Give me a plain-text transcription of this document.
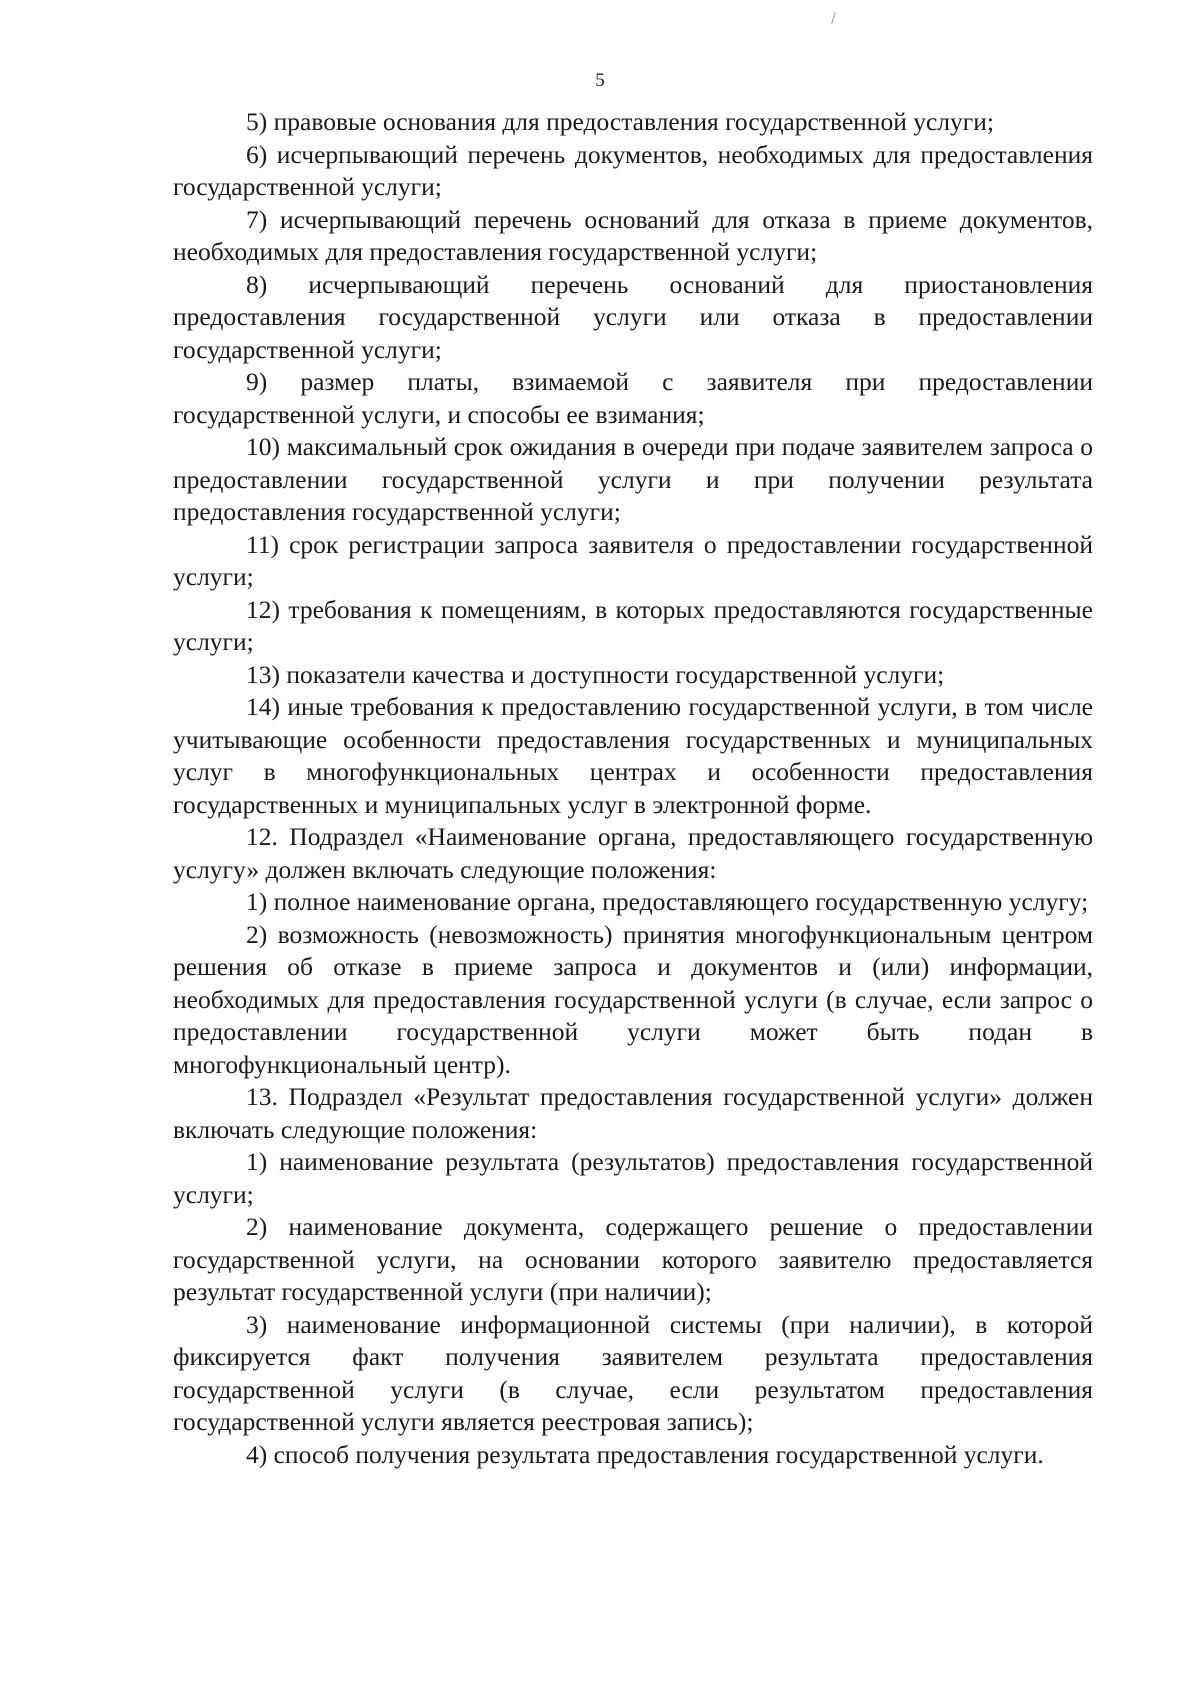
5

5) правовые основания для предоставления государственной услуги;

6) исчерпывающий перечень документов, необходимых для предоставления государственной услуги;

7) исчерпывающий перечень оснований для отказа в приеме документов, необходимых для предоставления государственной услуги;

8) исчерпывающий перечень оснований для приостановления предоставления государственной услуги или отказа в предоставлении государственной услуги;

9) размер платы, взимаемой с заявителя при предоставлении государственной услуги, и способы ее взимания;

10) максимальный срок ожидания в очереди при подаче заявителем запроса о предоставлении государственной услуги и при получении результата предоставления государственной услуги;

11) срок регистрации запроса заявителя о предоставлении государственной услуги;

12) требования к помещениям, в которых предоставляются государственные услуги;

13) показатели качества и доступности государственной услуги;

14) иные требования к предоставлению государственной услуги, в том числе учитывающие особенности предоставления государственных и муниципальных услуг в многофункциональных центрах и особенности предоставления государственных и муниципальных услуг в электронной форме.

12. Подраздел «Наименование органа, предоставляющего государственную услугу» должен включать следующие положения:

1) полное наименование органа, предоставляющего государственную услугу;

2) возможность (невозможность) принятия многофункциональным центром решения об отказе в приеме запроса и документов и (или) информации, необходимых для предоставления государственной услуги (в случае, если запрос о предоставлении государственной услуги может быть подан в многофункциональный центр).

13. Подраздел «Результат предоставления государственной услуги» должен включать следующие положения:

1) наименование результата (результатов) предоставления государственной услуги;

2) наименование документа, содержащего решение о предоставлении государственной услуги, на основании которого заявителю предоставляется результат государственной услуги (при наличии);

3) наименование информационной системы (при наличии), в которой фиксируется факт получения заявителем результата предоставления государственной услуги (в случае, если результатом предоставления государственной услуги является реестровая запись);

4) способ получения результата предоставления государственной услуги.
